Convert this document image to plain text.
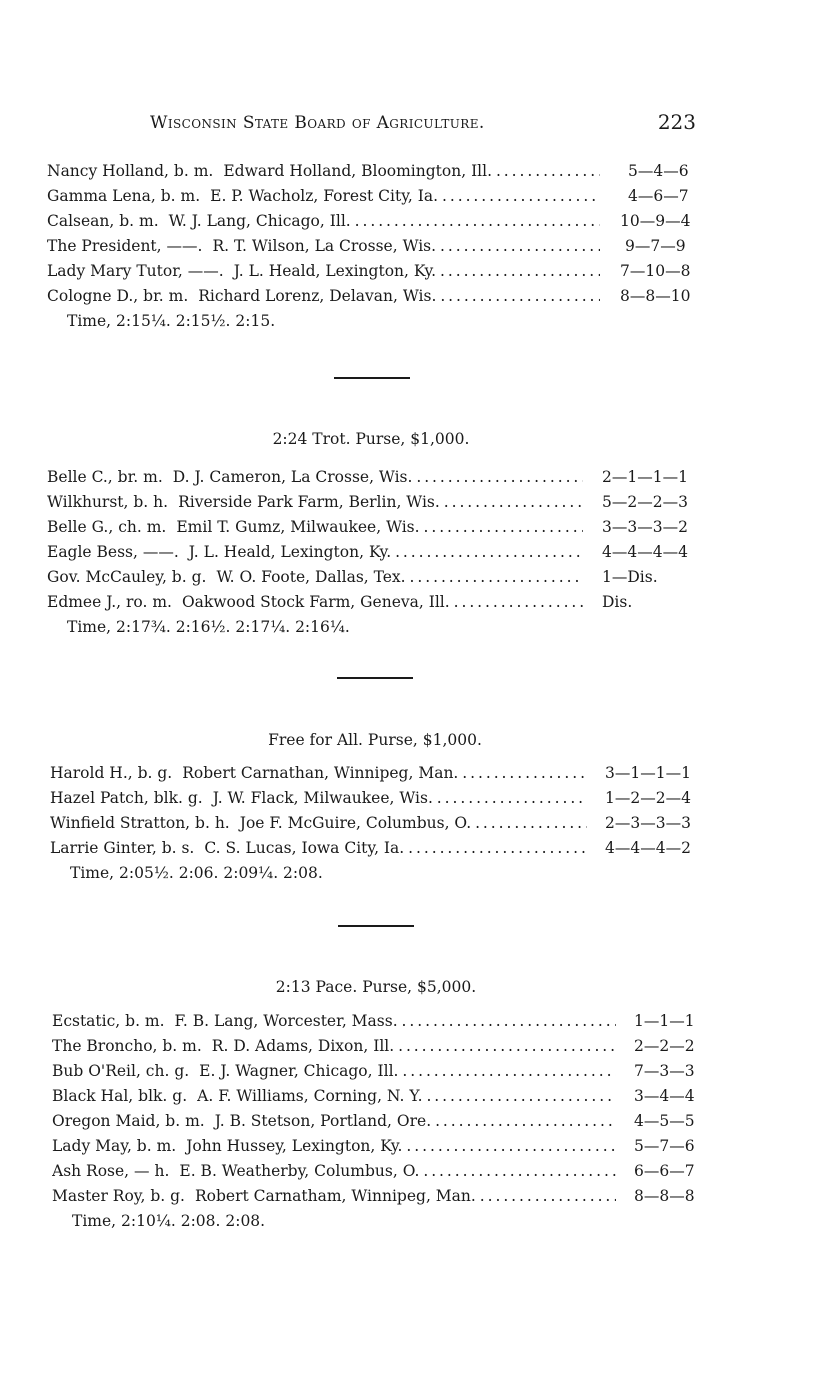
Wisconsin State Board of Agriculture.	223
Nancy Holland, b. m. Edward Holland, Bloomington, Ill. . . .	5—4—6
Gamma Lena, b. m. E. P. Wacholz, Forest City, Ia. . . .	4—6—7
Calsean, b. m. W. J. Lang, Chicago, Ill. . . .	10—9—4
The President, ——. R. T. Wilson, La Crosse, Wis. . . .	9—7—9
Lady Mary Tutor, ——. J. L. Heald, Lexington, Ky. . . .	7—10—8
Cologne D., br. m. Richard Lorenz, Delavan, Wis. . . .	8—8—10
Time, 2:15¼. 2:15½. 2:15.
2:24 Trot. Purse, $1,000.
Belle C., br. m. D. J. Cameron, La Crosse, Wis. . . .	2—1—1—1
Wilkhurst, b. h. Riverside Park Farm, Berlin, Wis. . . .	5—2—2—3
Belle G., ch. m. Emil T. Gumz, Milwaukee, Wis. . . .	3—3—3—2
Eagle Bess, ——. J. L. Heald, Lexington, Ky. . . .	4—4—4—4
Gov. McCauley, b. g. W. O. Foote, Dallas, Tex. . . .	1—Dis.
Edmee J., ro. m. Oakwood Stock Farm, Geneva, Ill. . . .	Dis.
Time, 2:17¾. 2:16½. 2:17¼. 2:16¼.
Free for All. Purse, $1,000.
Harold H., b. g. Robert Carnathan, Winnipeg, Man. . . .	3—1—1—1
Hazel Patch, blk. g. J. W. Flack, Milwaukee, Wis. . . .	1—2—2—4
Winfield Stratton, b. h. Joe F. McGuire, Columbus, O. . . .	2—3—3—3
Larrie Ginter, b. s. C. S. Lucas, Iowa City, Ia. . . .	4—4—4—2
Time, 2:05½. 2:06. 2:09¼. 2:08.
2:13 Pace. Purse, $5,000.
Ecstatic, b. m. F. B. Lang, Worcester, Mass. . . .	1—1—1
The Broncho, b. m. R. D. Adams, Dixon, Ill. . . .	2—2—2
Bub O'Reil, ch. g. E. J. Wagner, Chicago, Ill. . . .	7—3—3
Black Hal, blk. g. A. F. Williams, Corning, N. Y. . . .	3—4—4
Oregon Maid, b. m. J. B. Stetson, Portland, Ore. . . .	4—5—5
Lady May, b. m. John Hussey, Lexington, Ky. . . .	5—7—6
Ash Rose, — h. E. B. Weatherby, Columbus, O. . . .	6—6—7
Master Roy, b. g. Robert Carnatham, Winnipeg, Man. . . .	8—8—8
Time, 2:10¼. 2:08. 2:08.
